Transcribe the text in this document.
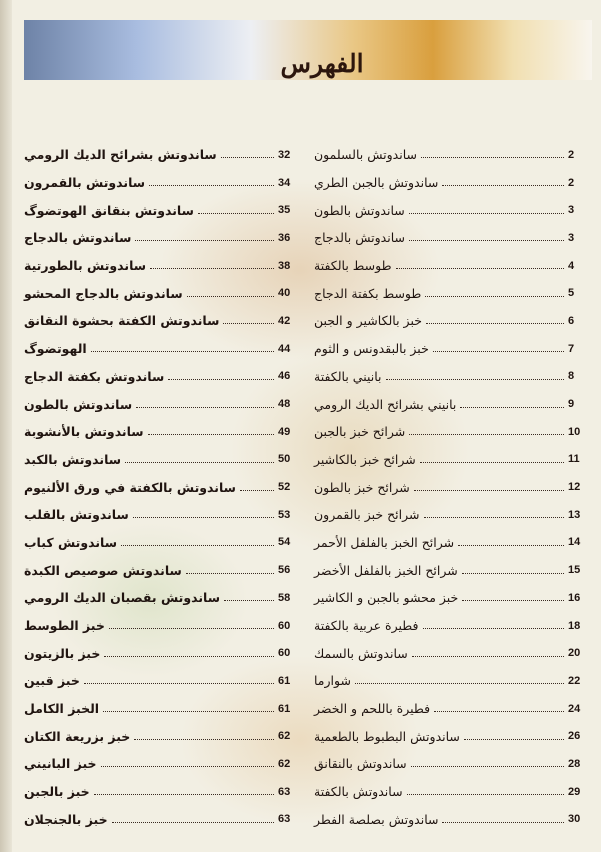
الفهرس
ساندوتش بالسلمون	2
ساندوتش بالجبن الطري	2
ساندوتش بالطون	3
ساندوتش بالدجاج	3
طوسط بالكفتة	4
طوسط بكفتة الدجاج	5
خبز بالكاشير و الجبن	6
خبز بالبقدونس و الثوم	7
بانيني بالكفتة	8
بانيني بشرائح الديك الرومي	9
شرائح خبز بالجبن	10
شرائح خبز بالكاشير	11
شرائح خبز بالطون	12
شرائح خبز بالقمرون	13
شرائح الخبز بالفلفل الأحمر	14
شرائح الخبز بالفلفل الأخضر	15
خبز محشو بالجبن و الكاشير	16
فطيرة عربية بالكفتة	18
ساندوتش بالسمك	20
شوارما	22
فطيرة باللحم و الخضر	24
ساندوتش البطبوط بالطعمية	26
ساندوتش بالنقانق	28
ساندوتش بالكفتة	29
ساندوتش بصلصة الفطر	30
ساندوتش بشرائح الديك الرومي	32
ساندوتش بالقمرون	34
ساندوتش بنقانق الهوتضوگ	35
ساندوتش بالدجاج	36
ساندوتش بالطورتية	38
ساندوتش بالدجاج المحشو	40
ساندوتش الكفتة بحشوة النقانق	42
الهوتضوگ	44
ساندوتش بكفتة الدجاج	46
ساندوتش بالطون	48
ساندوتش بالأنشوبة	49
ساندوتش بالكبد	50
ساندوتش بالكفتة في ورق الألنيوم	52
ساندوتش بالقلب	53
ساندوتش كباب	54
ساندوتش صوصيص الكبدة	56
ساندوتش بقصبان الديك الرومي	58
خبز الطوسط	60
خبز بالزيتون	60
خبز قبين	61
الخبز الكامل	61
خبز بزريعة الكتان	62
خبز البانيني	62
خبز بالجبن	63
خبز بالجنجلان	63
